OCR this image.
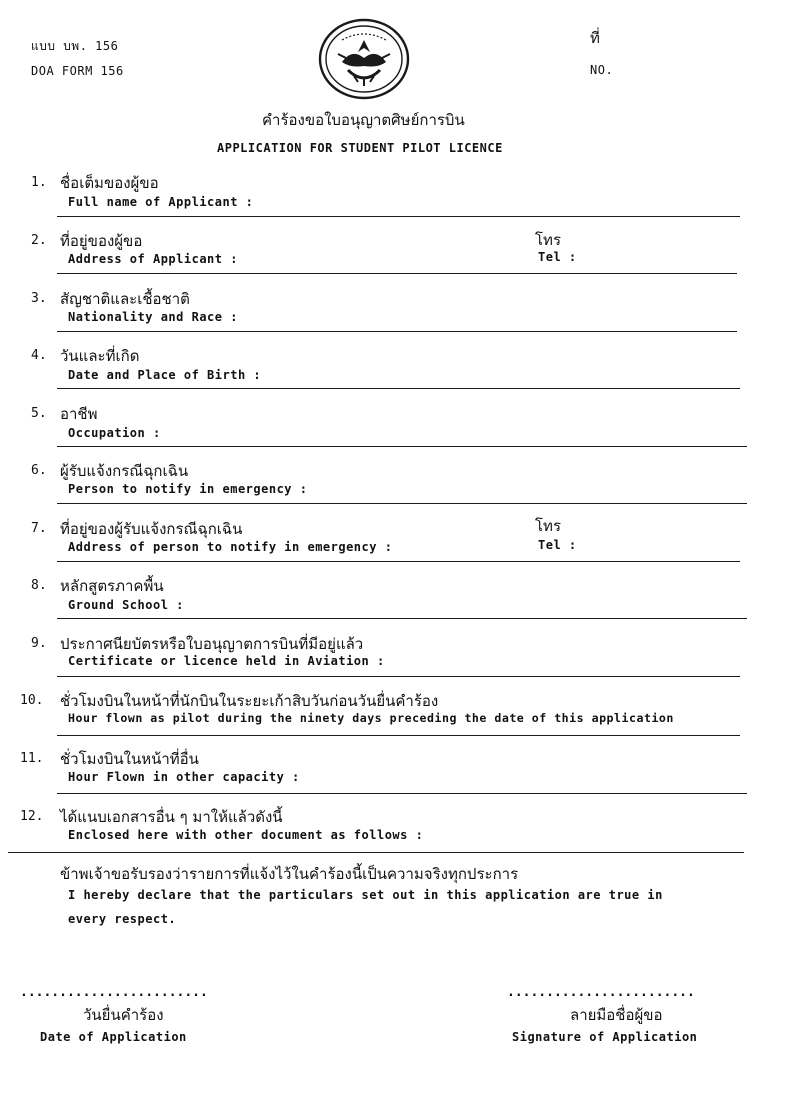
แบบ บพ. 156
DOA FORM 156
ที่
NO.
คำร้องขอใบอนุญาตศิษย์การบิน
APPLICATION FOR STUDENT PILOT LICENCE
1. ชื่อเต็มของผู้ขอ
Full name of Applicant :
2. ที่อยู่ของผู้ขอ
Address of Applicant :
โทร
Tel :
3. สัญชาติและเชื้อชาติ
Nationality and Race :
4. วันและที่เกิด
Date and Place of Birth :
5. อาชีพ
Occupation :
6. ผู้รับแจ้งกรณีฉุกเฉิน
Person to notify in emergency :
7. ที่อยู่ของผู้รับแจ้งกรณีฉุกเฉิน
Address of person to notify in emergency :
โทร
Tel :
8. หลักสูตรภาคพื้น
Ground School :
9. ประกาศนียบัตรหรือใบอนุญาตการบินที่มีอยู่แล้ว
Certificate or licence held in Aviation :
10. ชั่วโมงบินในหน้าที่นักบินในระยะเก้าสิบวันก่อนวันยื่นคำร้อง
Hour flown as pilot during the ninety days preceding the date of this application
11. ชั่วโมงบินในหน้าที่อื่น
Hour Flown in other capacity :
12. ได้แนบเอกสารอื่น ๆ มาให้แล้วดังนี้
Enclosed here with other document as follows :
ข้าพเจ้าขอรับรองว่ารายการที่แจ้งไว้ในคำร้องนี้เป็นความจริงทุกประการ
I hereby declare that the particulars set out in this application are true in
every respect.
........................
วันยื่นคำร้อง
Date of Application
........................
ลายมือชื่อผู้ขอ
Signature of Application
